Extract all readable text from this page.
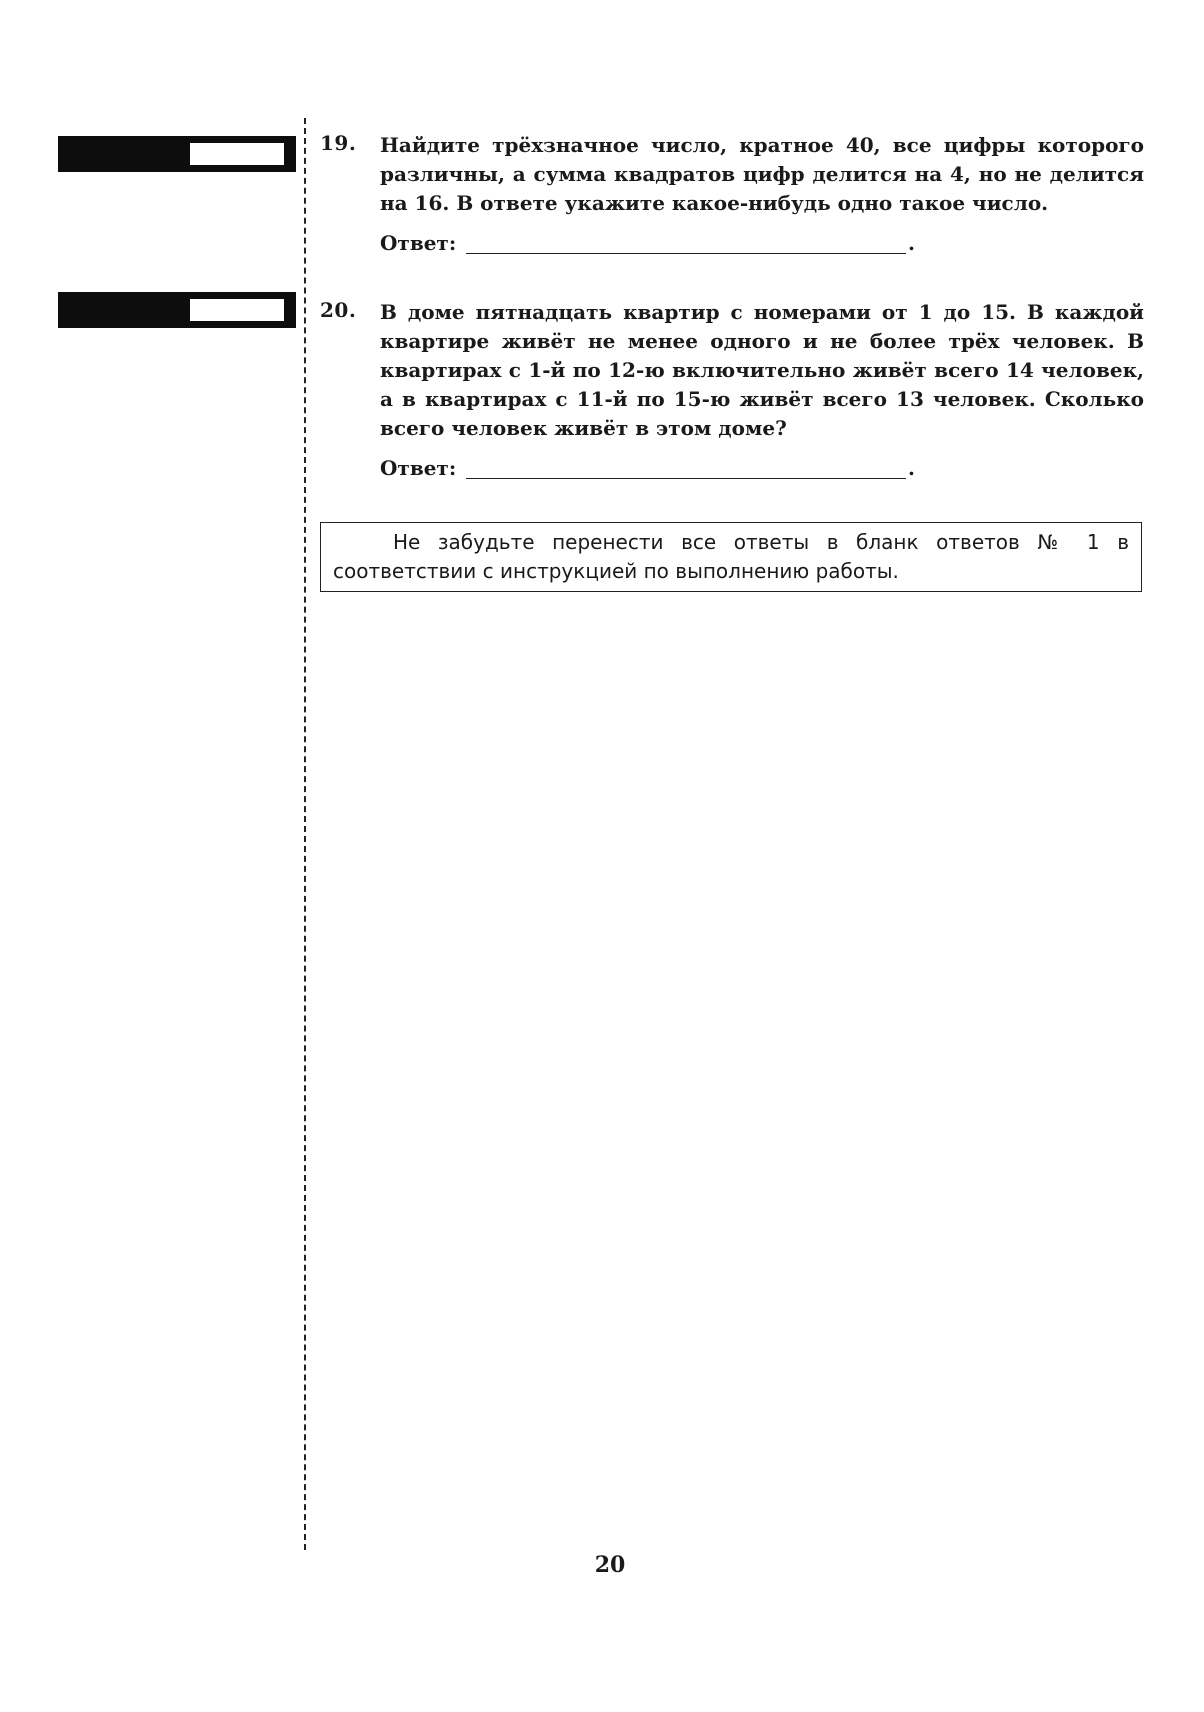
19. Найдите трёхзначное число, кратное 40, все цифры которого различны, а сумма квадратов цифр делится на 4, но не делится на 16. В ответе укажите какое-нибудь одно такое число.

Ответ:	.
20. В доме пятнадцать квартир с номерами от 1 до 15. В каждой квартире живёт не менее одного и не более трёх человек. В квартирах с 1-й по 12-ю включительно живёт всего 14 человек, а в квартирах с 11-й по 15-ю живёт всего 13 человек. Сколько всего человек живёт в этом доме?

Ответ:	.
Не забудьте перенести все ответы в бланк ответов № 1 в соответствии с инструкцией по выполнению работы.
20
